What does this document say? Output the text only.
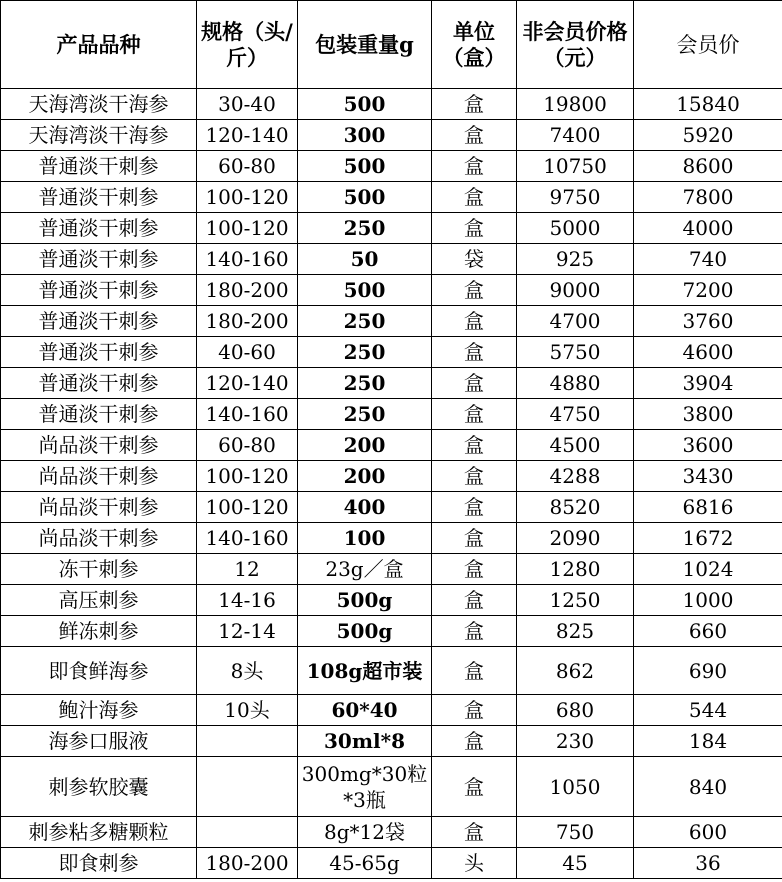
产品品种	规格（头/斤）	包装重量g	单位（盒）	非会员价格（元）	会员价
天海湾淡干海参	30-40	500	盒	19800	15840
天海湾淡干海参	120-140	300	盒	7400	5920
普通淡干刺参	60-80	500	盒	10750	8600
普通淡干刺参	100-120	500	盒	9750	7800
普通淡干刺参	100-120	250	盒	5000	4000
普通淡干刺参	140-160	50	袋	925	740
普通淡干刺参	180-200	500	盒	9000	7200
普通淡干刺参	180-200	250	盒	4700	3760
普通淡干刺参	40-60	250	盒	5750	4600
普通淡干刺参	120-140	250	盒	4880	3904
普通淡干刺参	140-160	250	盒	4750	3800
尚品淡干刺参	60-80	200	盒	4500	3600
尚品淡干刺参	100-120	200	盒	4288	3430
尚品淡干刺参	100-120	400	盒	8520	6816
尚品淡干刺参	140-160	100	盒	2090	1672
冻干刺参	12	23g／盒	盒	1280	1024
高压刺参	14-16	500g	盒	1250	1000
鲜冻刺参	12-14	500g	盒	825	660
即食鲜海参	8头	108g超市装	盒	862	690
鲍汁海参	10头	60*40	盒	680	544
海参口服液		30ml*8	盒	230	184
刺参软胶囊		300mg*30粒*3瓶	盒	1050	840
刺参粘多糖颗粒		8g*12袋	盒	750	600
即食刺参	180-200	45-65g	头	45	36
